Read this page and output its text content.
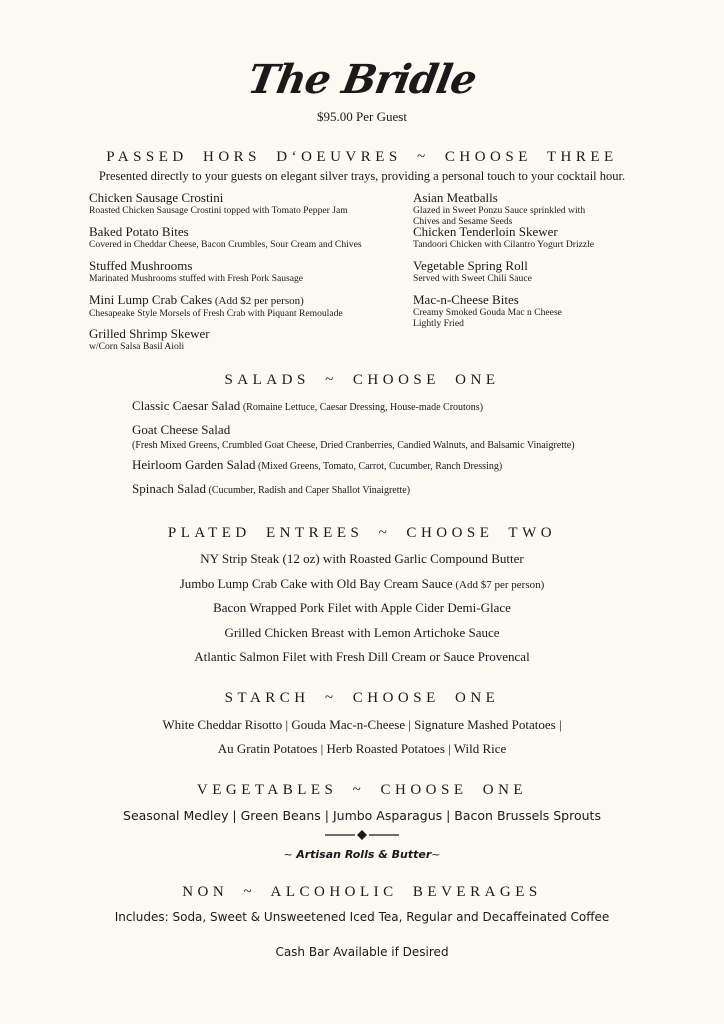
The Bridle
$95.00 Per Guest
PASSED HORS D‘OEUVRES ~ CHOOSE THREE
Presented directly to your guests on elegant silver trays, providing a personal touch to your cocktail hour.
Chicken Sausage Crostini
Roasted Chicken Sausage Crostini topped with Tomato Pepper Jam
Baked Potato Bites
Covered in Cheddar Cheese, Bacon Crumbles, Sour Cream and Chives
Stuffed Mushrooms
Marinated Mushrooms stuffed with Fresh Pork Sausage
Mini Lump Crab Cakes (Add $2 per person)
Chesapeake Style Morsels of Fresh Crab with Piquant Remoulade
Grilled Shrimp Skewer
w/Corn Salsa Basil Aioli
Asian Meatballs
Glazed in Sweet Ponzu Sauce sprinkled with
Chives and Sesame Seeds
Chicken Tenderloin Skewer
Tandoori Chicken with Cilantro Yogurt Drizzle
Vegetable Spring Roll
Served with Sweet Chili Sauce
Mac-n-Cheese Bites
Creamy Smoked Gouda Mac n Cheese
Lightly Fried
SALADS ~ CHOOSE ONE
Classic Caesar Salad (Romaine Lettuce, Caesar Dressing, House-made Croutons)
Goat Cheese Salad
(Fresh Mixed Greens, Crumbled Goat Cheese, Dried Cranberries, Candied Walnuts, and Balsamic Vinaigrette)
Heirloom Garden Salad (Mixed Greens, Tomato, Carrot, Cucumber, Ranch Dressing)
Spinach Salad (Cucumber, Radish and Caper Shallot Vinaigrette)
PLATED ENTREES ~ CHOOSE TWO
NY Strip Steak (12 oz) with Roasted Garlic Compound Butter
Jumbo Lump Crab Cake with Old Bay Cream Sauce (Add $7 per person)
Bacon Wrapped Pork Filet with Apple Cider Demi-Glace
Grilled Chicken Breast with Lemon Artichoke Sauce
Atlantic Salmon Filet with Fresh Dill Cream or Sauce Provencal
STARCH ~ CHOOSE ONE
White Cheddar Risotto | Gouda Mac-n-Cheese | Signature Mashed Potatoes |
Au Gratin Potatoes | Herb Roasted Potatoes | Wild Rice
VEGETABLES ~ CHOOSE ONE
Seasonal Medley | Green Beans | Jumbo Asparagus | Bacon Brussels Sprouts
~ Artisan Rolls & Butter~
NON ~ ALCOHOLIC BEVERAGES
Includes: Soda, Sweet & Unsweetened Iced Tea, Regular and Decaffeinated Coffee
Cash Bar Available if Desired
